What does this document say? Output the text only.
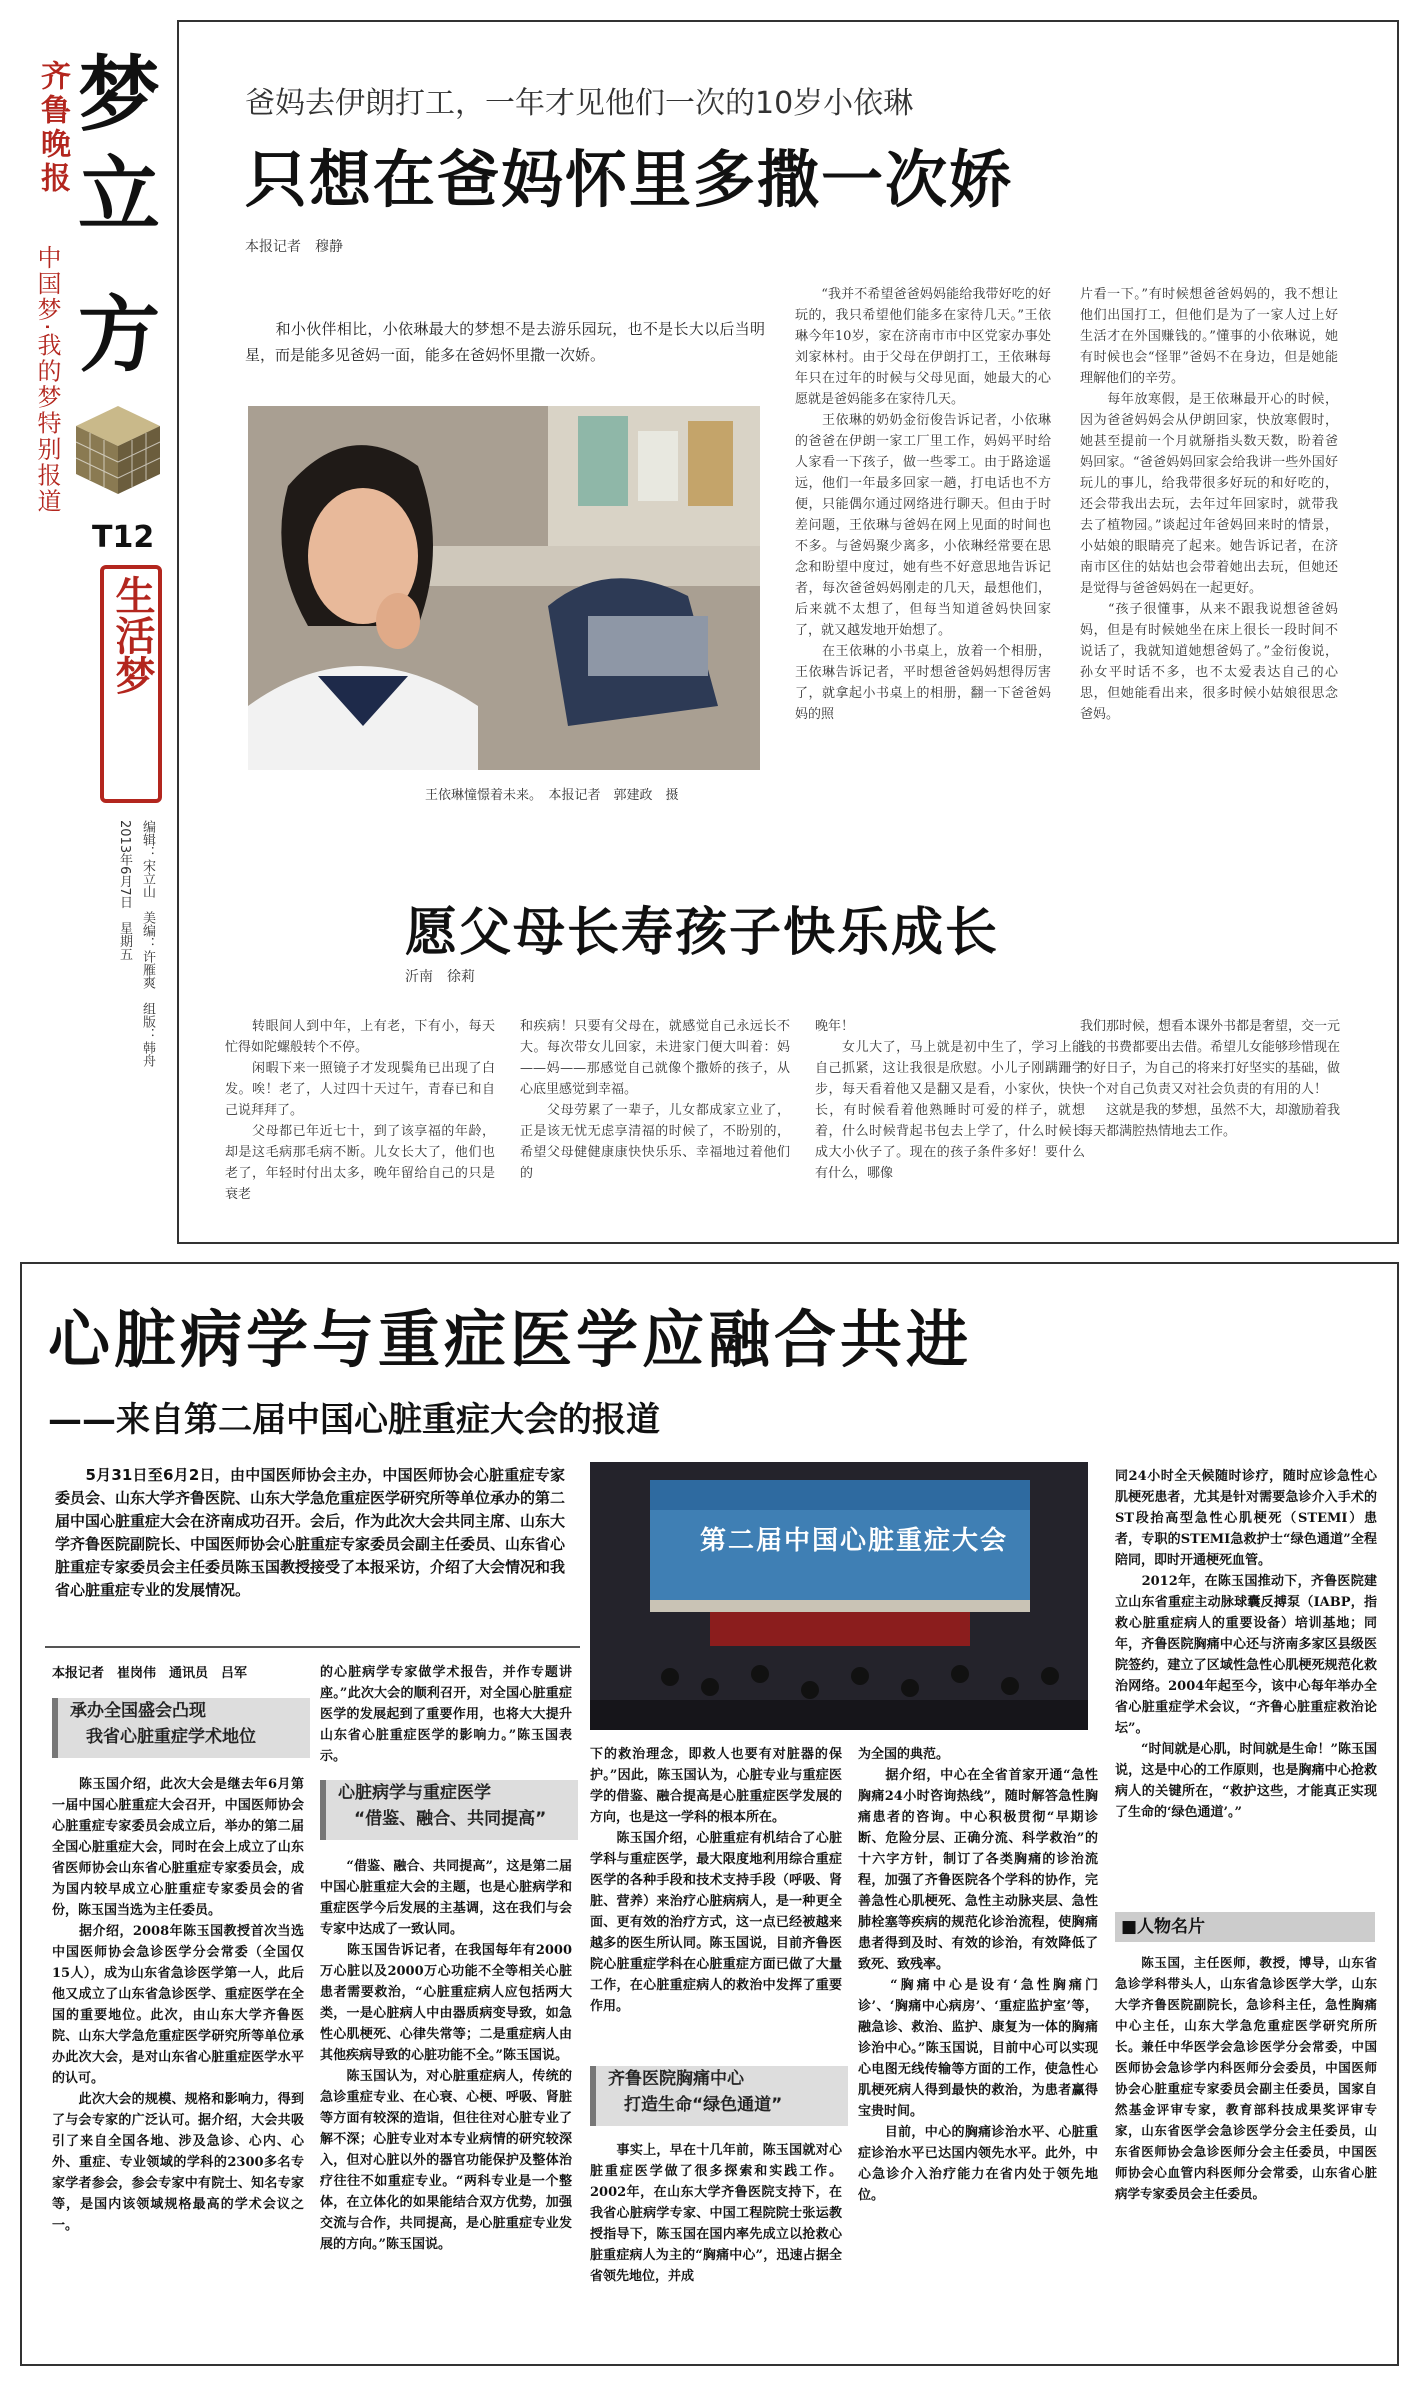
齐鲁晚报 梦
立
方
中国梦·我的梦特别报道
T12
生活梦
编辑：宋立山　美编：许雁爽　组版：韩舟
2013年6月7日　星期五
爸妈去伊朗打工，一年才见他们一次的10岁小依琳
只想在爸妈怀里多撒一次娇
本报记者　穆静
　　和小伙伴相比，小依琳最大的梦想不是去游乐园玩，也不是长大以后当明星，而是能多见爸妈一面，能多在爸妈怀里撒一次娇。
王依琳憧憬着未来。　本报记者　郭建政　摄
　　“我并不希望爸爸妈妈能给我带好吃的好玩的，我只希望他们能多在家待几天。”王依琳今年10岁，家在济南市市中区党家办事处刘家林村。由于父母在伊朗打工，王依琳每年只在过年的时候与父母见面，她最大的心愿就是爸妈能多在家待几天。
　　王依琳的奶奶金衍俊告诉记者，小依琳的爸爸在伊朗一家工厂里工作，妈妈平时给人家看一下孩子，做一些零工。由于路途遥远，他们一年最多回家一趟，打电话也不方便，只能偶尔通过网络进行聊天。但由于时差问题，王依琳与爸妈在网上见面的时间也不多。与爸妈聚少离多，小依琳经常要在思念和盼望中度过，她有些不好意思地告诉记者，每次爸爸妈妈刚走的几天，最想他们，后来就不太想了，但每当知道爸妈快回家了，就又越发地开始想了。
　　在王依琳的小书桌上，放着一个相册，王依琳告诉记者，平时想爸爸妈妈想得厉害了，就拿起小书桌上的相册，翻一下爸爸妈妈的照
片看一下。”有时候想爸爸妈妈的，我不想让他们出国打工，但他们是为了一家人过上好生活才在外国赚钱的。”懂事的小依琳说，她有时候也会“怪罪”爸妈不在身边，但是她能理解他们的辛劳。
　　每年放寒假，是王依琳最开心的时候，因为爸爸妈妈会从伊朗回家，快放寒假时，她甚至提前一个月就掰指头数天数，盼着爸妈回家。“爸爸妈妈回家会给我讲一些外国好玩儿的事儿，给我带很多好玩的和好吃的，还会带我出去玩，去年过年回家时，就带我去了植物园。”谈起过年爸妈回来时的情景，小姑娘的眼睛亮了起来。她告诉记者，在济南市区住的姑姑也会带着她出去玩，但她还是觉得与爸爸妈妈在一起更好。
　　“孩子很懂事，从来不跟我说想爸爸妈妈，但是有时候她坐在床上很长一段时间不说话了，我就知道她想爸妈了。”金衍俊说，孙女平时话不多，也不太爱表达自己的心思，但她能看出来，很多时候小姑娘很思念爸妈。
愿父母长寿孩子快乐成长
沂南　徐莉
　　转眼间人到中年，上有老，下有小，每天忙得如陀螺般转个不停。
　　闲暇下来一照镜子才发现鬓角已出现了白发。唉！老了，人过四十天过午，青春已和自己说拜拜了。
　　父母都已年近七十，到了该享福的年龄，却是这毛病那毛病不断。儿女长大了，他们也老了，年轻时付出太多，晚年留给自己的只是衰老
和疾病！只要有父母在，就感觉自己永远长不大。每次带女儿回家，未进家门便大叫着：妈——妈——那感觉自己就像个撒娇的孩子，从心底里感觉到幸福。
　　父母劳累了一辈子，儿女都成家立业了，正是该无忧无虑享清福的时候了，不盼别的，希望父母健健康康快快乐乐、幸福地过着他们的
晚年！
　　女儿大了，马上就是初中生了，学习上能自己抓紧，这让我很是欣慰。小儿子刚蹒跚学步，每天看着他又是翻又是看，小家伙，快快长，有时候看着他熟睡时可爱的样子，就想着，什么时候背起书包去上学了，什么时候长成大小伙子了。现在的孩子条件多好！要什么有什么，哪像
我们那时候，想看本课外书都是奢望，交一元钱的书费都要出去借。希望儿女能够珍惜现在的好日子，为自己的将来打好坚实的基础，做一个对自己负责又对社会负责的有用的人！
　　这就是我的梦想，虽然不大，却激励着我每天都满腔热情地去工作。
心脏病学与重症医学应融合共进
——来自第二届中国心脏重症大会的报道
　　5月31日至6月2日，由中国医师协会主办，中国医师协会心脏重症专家委员会、山东大学齐鲁医院、山东大学急危重症医学研究所等单位承办的第二届中国心脏重症大会在济南成功召开。会后，作为此次大会共同主席、山东大学齐鲁医院副院长、中国医师协会心脏重症专家委员会副主任委员、山东省心脏重症专家委员会主任委员陈玉国教授接受了本报采访，介绍了大会情况和我省心脏重症专业的发展情况。
第二届中国心脏重症大会
本报记者　崔岗伟　通讯员　吕军
承办全国盛会凸现
我省心脏重症学术地位
　　陈玉国介绍，此次大会是继去年6月第一届中国心脏重症大会召开，中国医师协会心脏重症专家委员会成立后，举办的第二届全国心脏重症大会，同时在会上成立了山东省医师协会山东省心脏重症专家委员会，成为国内较早成立心脏重症专家委员会的省份，陈玉国当选为主任委员。
　　据介绍，2008年陈玉国教授首次当选中国医师协会急诊医学分会常委（全国仅15人），成为山东省急诊医学第一人，此后他又成立了山东省急诊医学、重症医学在全国的重要地位。此次，由山东大学齐鲁医院、山东大学急危重症医学研究所等单位承办此次大会，是对山东省心脏重症医学水平的认可。
　　此次大会的规模、规格和影响力，得到了与会专家的广泛认可。据介绍，大会共吸引了来自全国各地、涉及急诊、心内、心外、重症、专业领域的学科的2300多名专家学者参会，参会专家中有院士、知名专家等，是国内该领域规格最高的学术会议之一。
的心脏病学专家做学术报告，并作专题讲座。”此次大会的顺利召开，对全国心脏重症医学的发展起到了重要作用，也将大大提升山东省心脏重症医学的影响力。”陈玉国表示。
心脏病学与重症医学
“借鉴、融合、共同提高”
　　“借鉴、融合、共同提高”，这是第二届中国心脏重症大会的主题，也是心脏病学和重症医学今后发展的主基调，这在我们与会专家中达成了一致认同。
　　陈玉国告诉记者，在我国每年有2000万心脏以及2000万心功能不全等相关心脏患者需要救治，“心脏重症病人应包括两大类，一是心脏病人中由器质病变导致，如急性心肌梗死、心律失常等；二是重症病人由其他疾病导致的心脏功能不全。”陈玉国说。
　　陈玉国认为，对心脏重症病人，传统的急诊重症专业、在心衰、心梗、呼吸、肾脏等方面有较深的造诣，但往往对心脏专业了解不深；心脏专业对本专业病情的研究较深入，但对心脏以外的器官功能保护及整体治疗往往不如重症专业。“两科专业是一个整体，在立体化的如果能结合双方优势，加强交流与合作，共同提高，是心脏重症专业发展的方向。”陈玉国说。
下的救治理念，即救人也要有对脏器的保护。”因此，陈玉国认为，心脏专业与重症医学的借鉴、融合提高是心脏重症医学发展的方向，也是这一学科的根本所在。
　　陈玉国介绍，心脏重症有机结合了心脏学科与重症医学，最大限度地利用综合重症医学的各种手段和技术支持手段（呼吸、肾脏、营养）来治疗心脏病病人，是一种更全面、更有效的治疗方式，这一点已经被越来越多的医生所认同。陈玉国说，目前齐鲁医院心脏重症学科在心脏重症方面已做了大量工作，在心脏重症病人的救治中发挥了重要作用。
齐鲁医院胸痛中心
打造生命“绿色通道”
　　事实上，早在十几年前，陈玉国就对心脏重症医学做了很多探索和实践工作。2002年，在山东大学齐鲁医院支持下，在我省心脏病学专家、中国工程院院士张运教授指导下，陈玉国在国内率先成立以抢救心脏重症病人为主的“胸痛中心”，迅速占据全省领先地位，并成
为全国的典范。
　　据介绍，中心在全省首家开通“急性胸痛24小时咨询热线”，随时解答急性胸痛患者的咨询。中心积极贯彻“早期诊断、危险分层、正确分流、科学救治”的十六字方针，制订了各类胸痛的诊治流程，加强了齐鲁医院各个学科的协作，完善急性心肌梗死、急性主动脉夹层、急性肺栓塞等疾病的规范化诊治流程，使胸痛患者得到及时、有效的诊治，有效降低了致死、致残率。
　　“胸痛中心是设有‘急性胸痛门诊’、‘胸痛中心病房’、‘重症监护室’等，融急诊、救治、监护、康复为一体的胸痛诊治中心。”陈玉国说，目前中心可以实现心电图无线传输等方面的工作，使急性心肌梗死病人得到最快的救治，为患者赢得宝贵时间。
　　目前，中心的胸痛诊治水平、心脏重症诊治水平已达国内领先水平。此外，中心急诊介入治疗能力在省内处于领先地位。
同24小时全天候随时诊疗，随时应诊急性心肌梗死患者，尤其是针对需要急诊介入手术的ST段抬高型急性心肌梗死（STEMI）患者，专职的STEMI急救护士“绿色通道”全程陪同，即时开通梗死血管。
　　2012年，在陈玉国推动下，齐鲁医院建立山东省重症主动脉球囊反搏泵（IABP，指救心脏重症病人的重要设备）培训基地；同年，齐鲁医院胸痛中心还与济南多家区县级医院签约，建立了区域性急性心肌梗死规范化救治网络。2004年起至今，该中心每年举办全省心脏重症学术会议，“齐鲁心脏重症救治论坛”。
　　“时间就是心肌，时间就是生命！”陈玉国说，这是中心的工作原则，也是胸痛中心抢救病人的关键所在，“救护这些，才能真正实现了生命的‘绿色通道’。”
■人物名片
　　陈玉国，主任医师，教授，博导，山东省急诊学科带头人，山东省急诊医学大学，山东大学齐鲁医院副院长，急诊科主任，急性胸痛中心主任，山东大学急危重症医学研究所所长。兼任中华医学会急诊医学分会常委，中国医师协会急诊学内科医师分会委员，中国医师协会心脏重症专家委员会副主任委员，国家自然基金评审专家，教育部科技成果奖评审专家，山东省医学会急诊医学分会主任委员，山东省医师协会急诊医师分会主任委员，中国医师协会心血管内科医师分会常委，山东省心脏病学专家委员会主任委员。
